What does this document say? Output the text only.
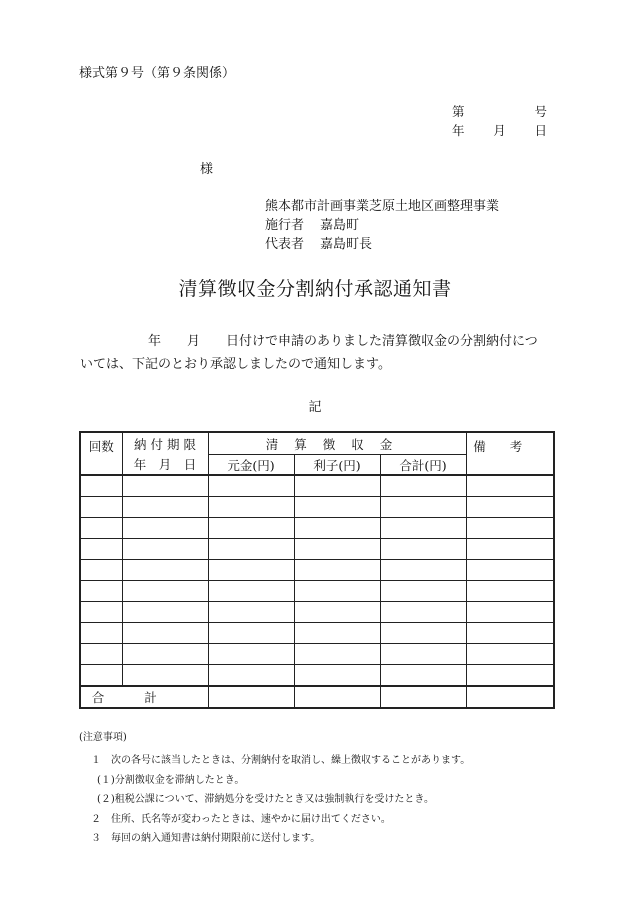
様式第９号（第９条関係）
第	号
年 月 日
様
熊本都市計画事業芝原土地区画整理事業
施行者 嘉島町
代表者 嘉島町長
清算徴収金分割納付承認通知書
年 月 日付けで申請のありました清算徴収金の分割納付につ
いては、下記のとおり承認しましたので通知します。
記
回数	納 付 期 限	清算徴収金			備考
	年　月　日	元金(円)	利子(円)	合計(円)	

合計					
(注意事項)
１　次の各号に該当したときは、分割納付を取消し、繰上徴収することがあります。
(１)分割徴収金を滞納したとき。
(２)租税公課について、滞納処分を受けたとき又は強制執行を受けたとき。
２　住所、氏名等が変わったときは、速やかに届け出てください。
３　毎回の納入通知書は納付期限前に送付します。
